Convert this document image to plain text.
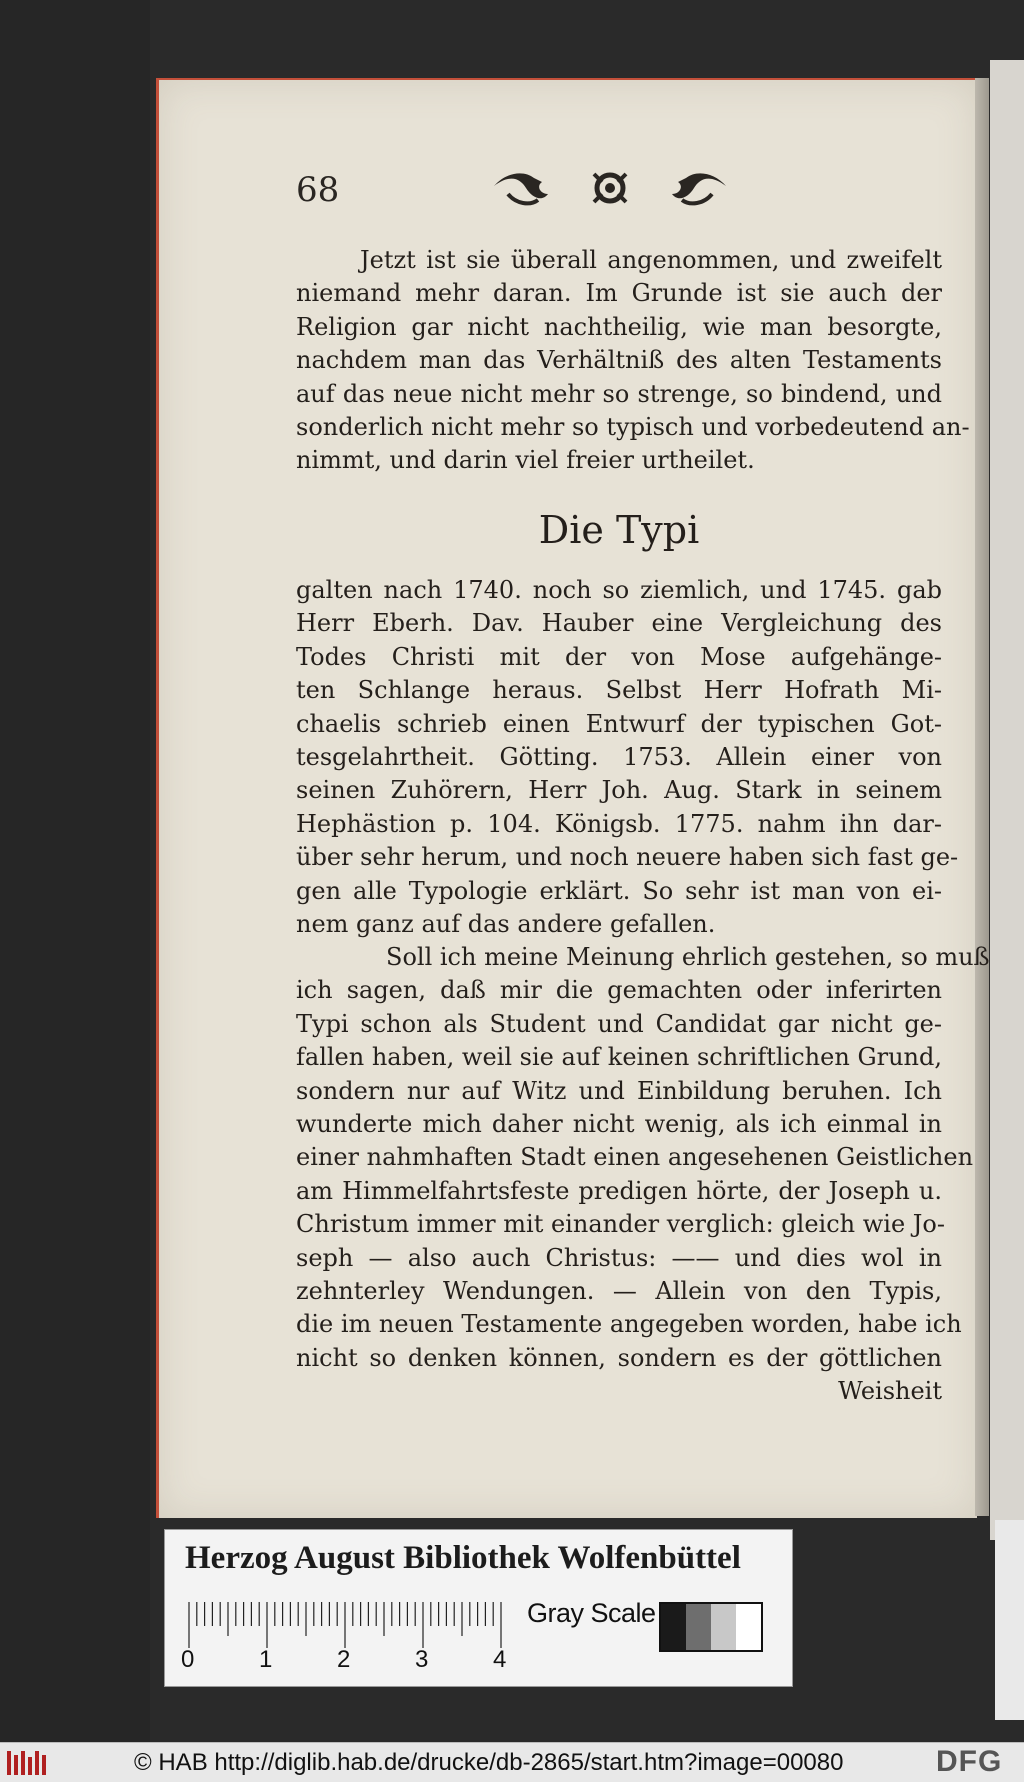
68
Jetzt ist sie überall angenommen, und zweifelt
niemand mehr daran. Im Grunde ist sie auch der
Religion gar nicht nachtheilig, wie man besorgte,
nachdem man das Verhältniß des alten Testaments
auf das neue nicht mehr so strenge, so bindend, und
sonderlich nicht mehr so typisch und vorbedeutend an-
nimmt, und darin viel freier urtheilet.
Die Typi
galten nach 1740. noch so ziemlich, und 1745. gab
Herr Eberh. Dav. Hauber eine Vergleichung des
Todes Christi mit der von Mose aufgehänge-
ten Schlange heraus. Selbst Herr Hofrath Mi-
chaelis schrieb einen Entwurf der typischen Got-
tesgelahrtheit. Götting. 1753. Allein einer von
seinen Zuhörern, Herr Joh. Aug. Stark in seinem
Hephästion p. 104. Königsb. 1775. nahm ihn dar-
über sehr herum, und noch neuere haben sich fast ge-
gen alle Typologie erklärt. So sehr ist man von ei-
nem ganz auf das andere gefallen.
Soll ich meine Meinung ehrlich gestehen, so muß
ich sagen, daß mir die gemachten oder inferirten
Typi schon als Student und Candidat gar nicht ge-
fallen haben, weil sie auf keinen schriftlichen Grund,
sondern nur auf Witz und Einbildung beruhen. Ich
wunderte mich daher nicht wenig, als ich einmal in
einer nahmhaften Stadt einen angesehenen Geistlichen
am Himmelfahrtsfeste predigen hörte, der Joseph u.
Christum immer mit einander verglich: gleich wie Jo-
seph — also auch Christus: —— und dies wol in
zehnterley Wendungen. — Allein von den Typis,
die im neuen Testamente angegeben worden, habe ich
nicht so denken können, sondern es der göttlichen
Weisheit
Herzog August Bibliothek Wolfenbüttel
0	1	2	3	4
Gray Scale
© HAB http://diglib.hab.de/drucke/db-2865/start.htm?image=00080	DFG
